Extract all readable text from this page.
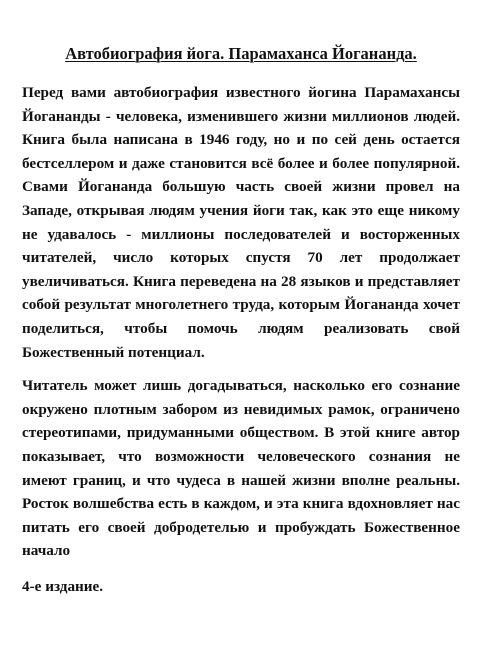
Автобиография йога. Парамаханса Йогананда.

Перед вами автобиография известного йогина Парамахансы Йогананды - человека, изменившего жизни миллионов людей. Книга была написана в 1946 году, но и по сей день остается бестселлером и даже становится всё более и более популярной. Свами Йогананда большую часть своей жизни провел на Западе, открывая людям учения йоги так, как это еще никому не удавалось - миллионы последователей и восторженных читателей, число которых спустя 70 лет продолжает увеличиваться. Книга переведена на 28 языков и представляет собой результат многолетнего труда, которым Йогананда хочет поделиться, чтобы помочь людям реализовать свой Божественный потенциал.

Читатель может лишь догадываться, насколько его сознание окружено плотным забором из невидимых рамок, ограничено стереотипами, придуманными обществом. В этой книге автор показывает, что возможности человеческого сознания не имеют границ, и что чудеса в нашей жизни вполне реальны. Росток волшебства есть в каждом, и эта книга вдохновляет нас питать его своей добродетелью и пробуждать Божественное начало

4-е издание.
